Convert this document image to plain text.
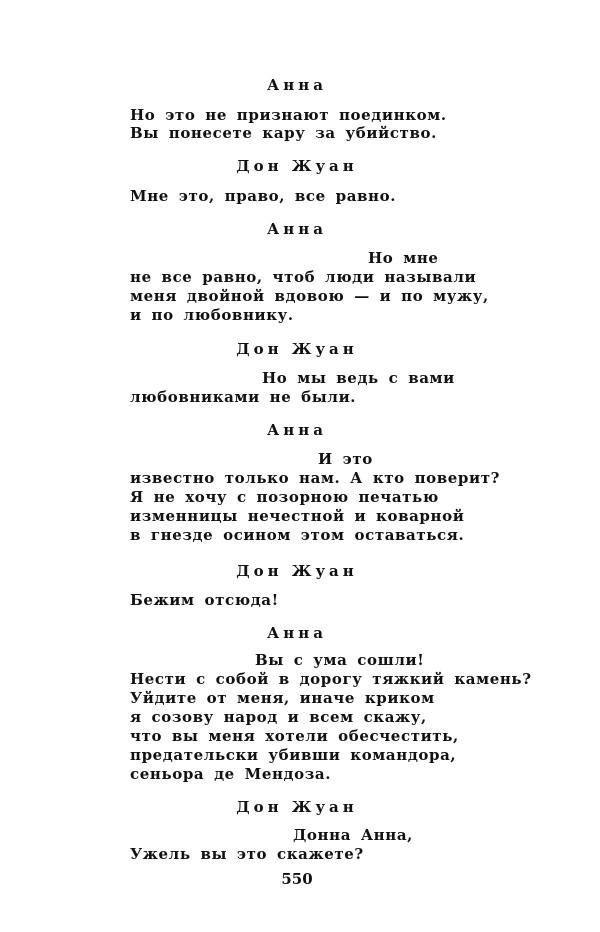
Анна
Но это не признают поединком.
Вы понесете кару за убийство.
Дон Жуан
Мне это, право, все равно.
Анна
Но мне
не все равно, чтоб люди называли
меня двойной вдовою — и по мужу,
и по любовнику.
Дон Жуан
Но мы ведь с вами
любовниками не были.
Анна
И это
известно только нам. А кто поверит?
Я не хочу с позорною печатью
изменницы нечестной и коварной
в гнезде осином этом оставаться.
Дон Жуан
Бежим отсюда!
Анна
Вы с ума сошли!
Нести с собой в дорогу тяжкий камень?
Уйдите от меня, иначе криком
я созову народ и всем скажу,
что вы меня хотели обесчестить,
предательски убивши командора,
сеньора де Мендоза.
Дон Жуан
Донна Анна,
Ужель вы это скажете?
550
